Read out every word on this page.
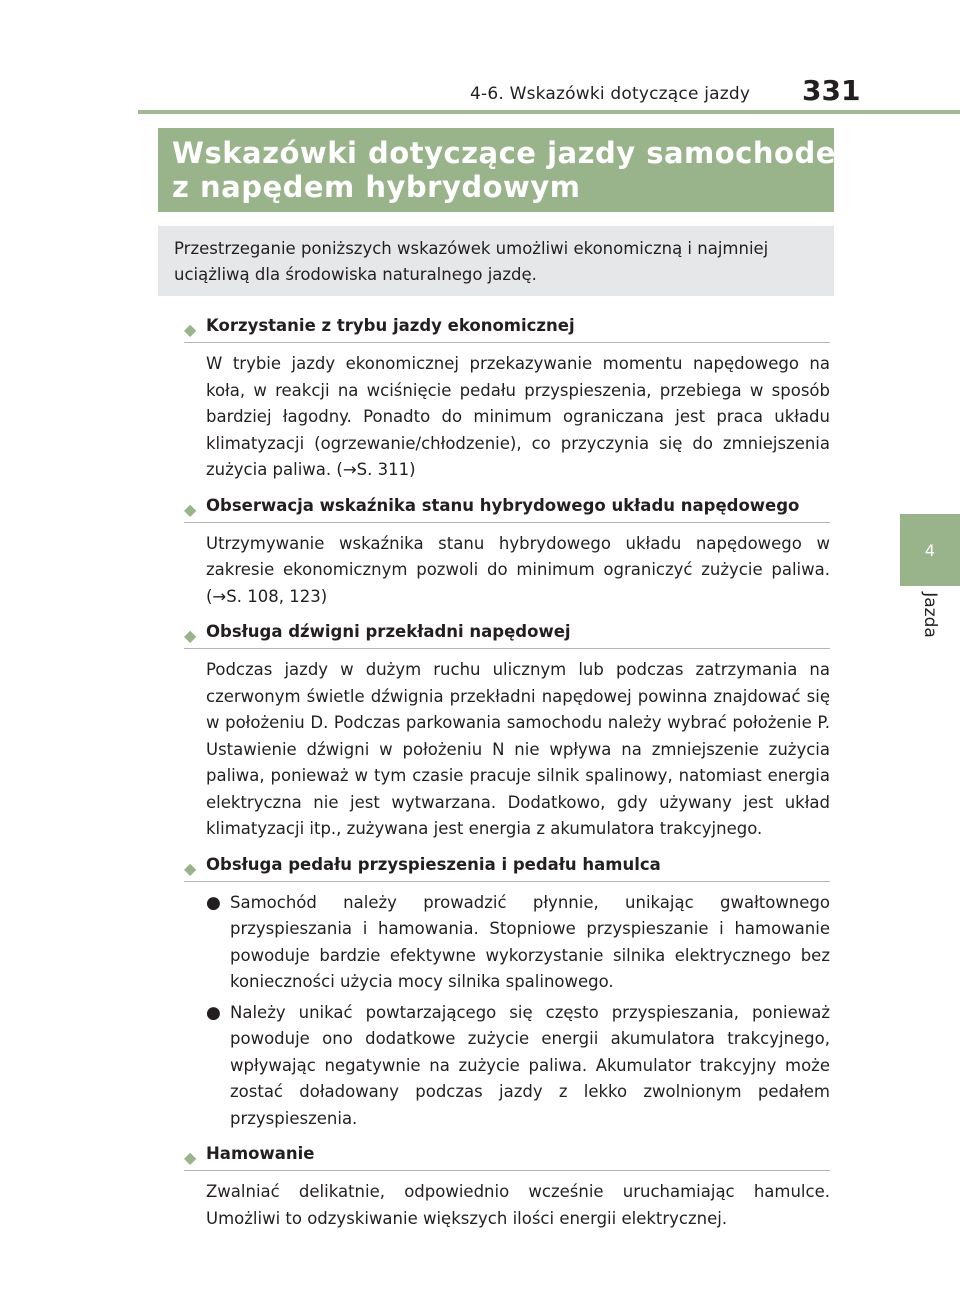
4-6. Wskazówki dotyczące jazdy 331
Wskazówki dotyczące jazdy samochodem
z napędem hybrydowym
Przestrzeganie poniższych wskazówek umożliwi ekonomiczną i najmniej uciążliwą dla środowiska naturalnego jazdę.
4
Jazda
◆ Korzystanie z trybu jazdy ekonomicznej
W trybie jazdy ekonomicznej przekazywanie momentu napędowego na koła, w reakcji na wciśnięcie pedału przyspieszenia, przebiega w sposób bardziej łagodny. Ponadto do minimum ograniczana jest praca układu klimatyzacji (ogrzewanie/chłodzenie), co przyczynia się do zmniejszenia zużycia paliwa. (→S. 311)
◆ Obserwacja wskaźnika stanu hybrydowego układu napędowego
Utrzymywanie wskaźnika stanu hybrydowego układu napędowego w zakresie ekonomicznym pozwoli do minimum ograniczyć zużycie paliwa. (→S. 108, 123)
◆ Obsługa dźwigni przekładni napędowej
Podczas jazdy w dużym ruchu ulicznym lub podczas zatrzymania na czerwonym świetle dźwignia przekładni napędowej powinna znajdować się w położeniu D. Podczas parkowania samochodu należy wybrać położenie P. Ustawienie dźwigni w położeniu N nie wpływa na zmniejszenie zużycia paliwa, ponieważ w tym czasie pracuje silnik spalinowy, natomiast energia elektryczna nie jest wytwarzana. Dodatkowo, gdy używany jest układ klimatyzacji itp., zużywana jest energia z akumulatora trakcyjnego.
◆ Obsługa pedału przyspieszenia i pedału hamulca
● Samochód należy prowadzić płynnie, unikając gwałtownego przyspieszania i hamowania. Stopniowe przyspieszanie i hamowanie powoduje bardzie efektywne wykorzystanie silnika elektrycznego bez konieczności użycia mocy silnika spalinowego.
● Należy unikać powtarzającego się często przyspieszania, ponieważ powoduje ono dodatkowe zużycie energii akumulatora trakcyjnego, wpływając negatywnie na zużycie paliwa. Akumulator trakcyjny może zostać doładowany podczas jazdy z lekko zwolnionym pedałem przyspieszenia.
◆ Hamowanie
Zwalniać delikatnie, odpowiednio wcześnie uruchamiając hamulce. Umożliwi to odzyskiwanie większych ilości energii elektrycznej.
